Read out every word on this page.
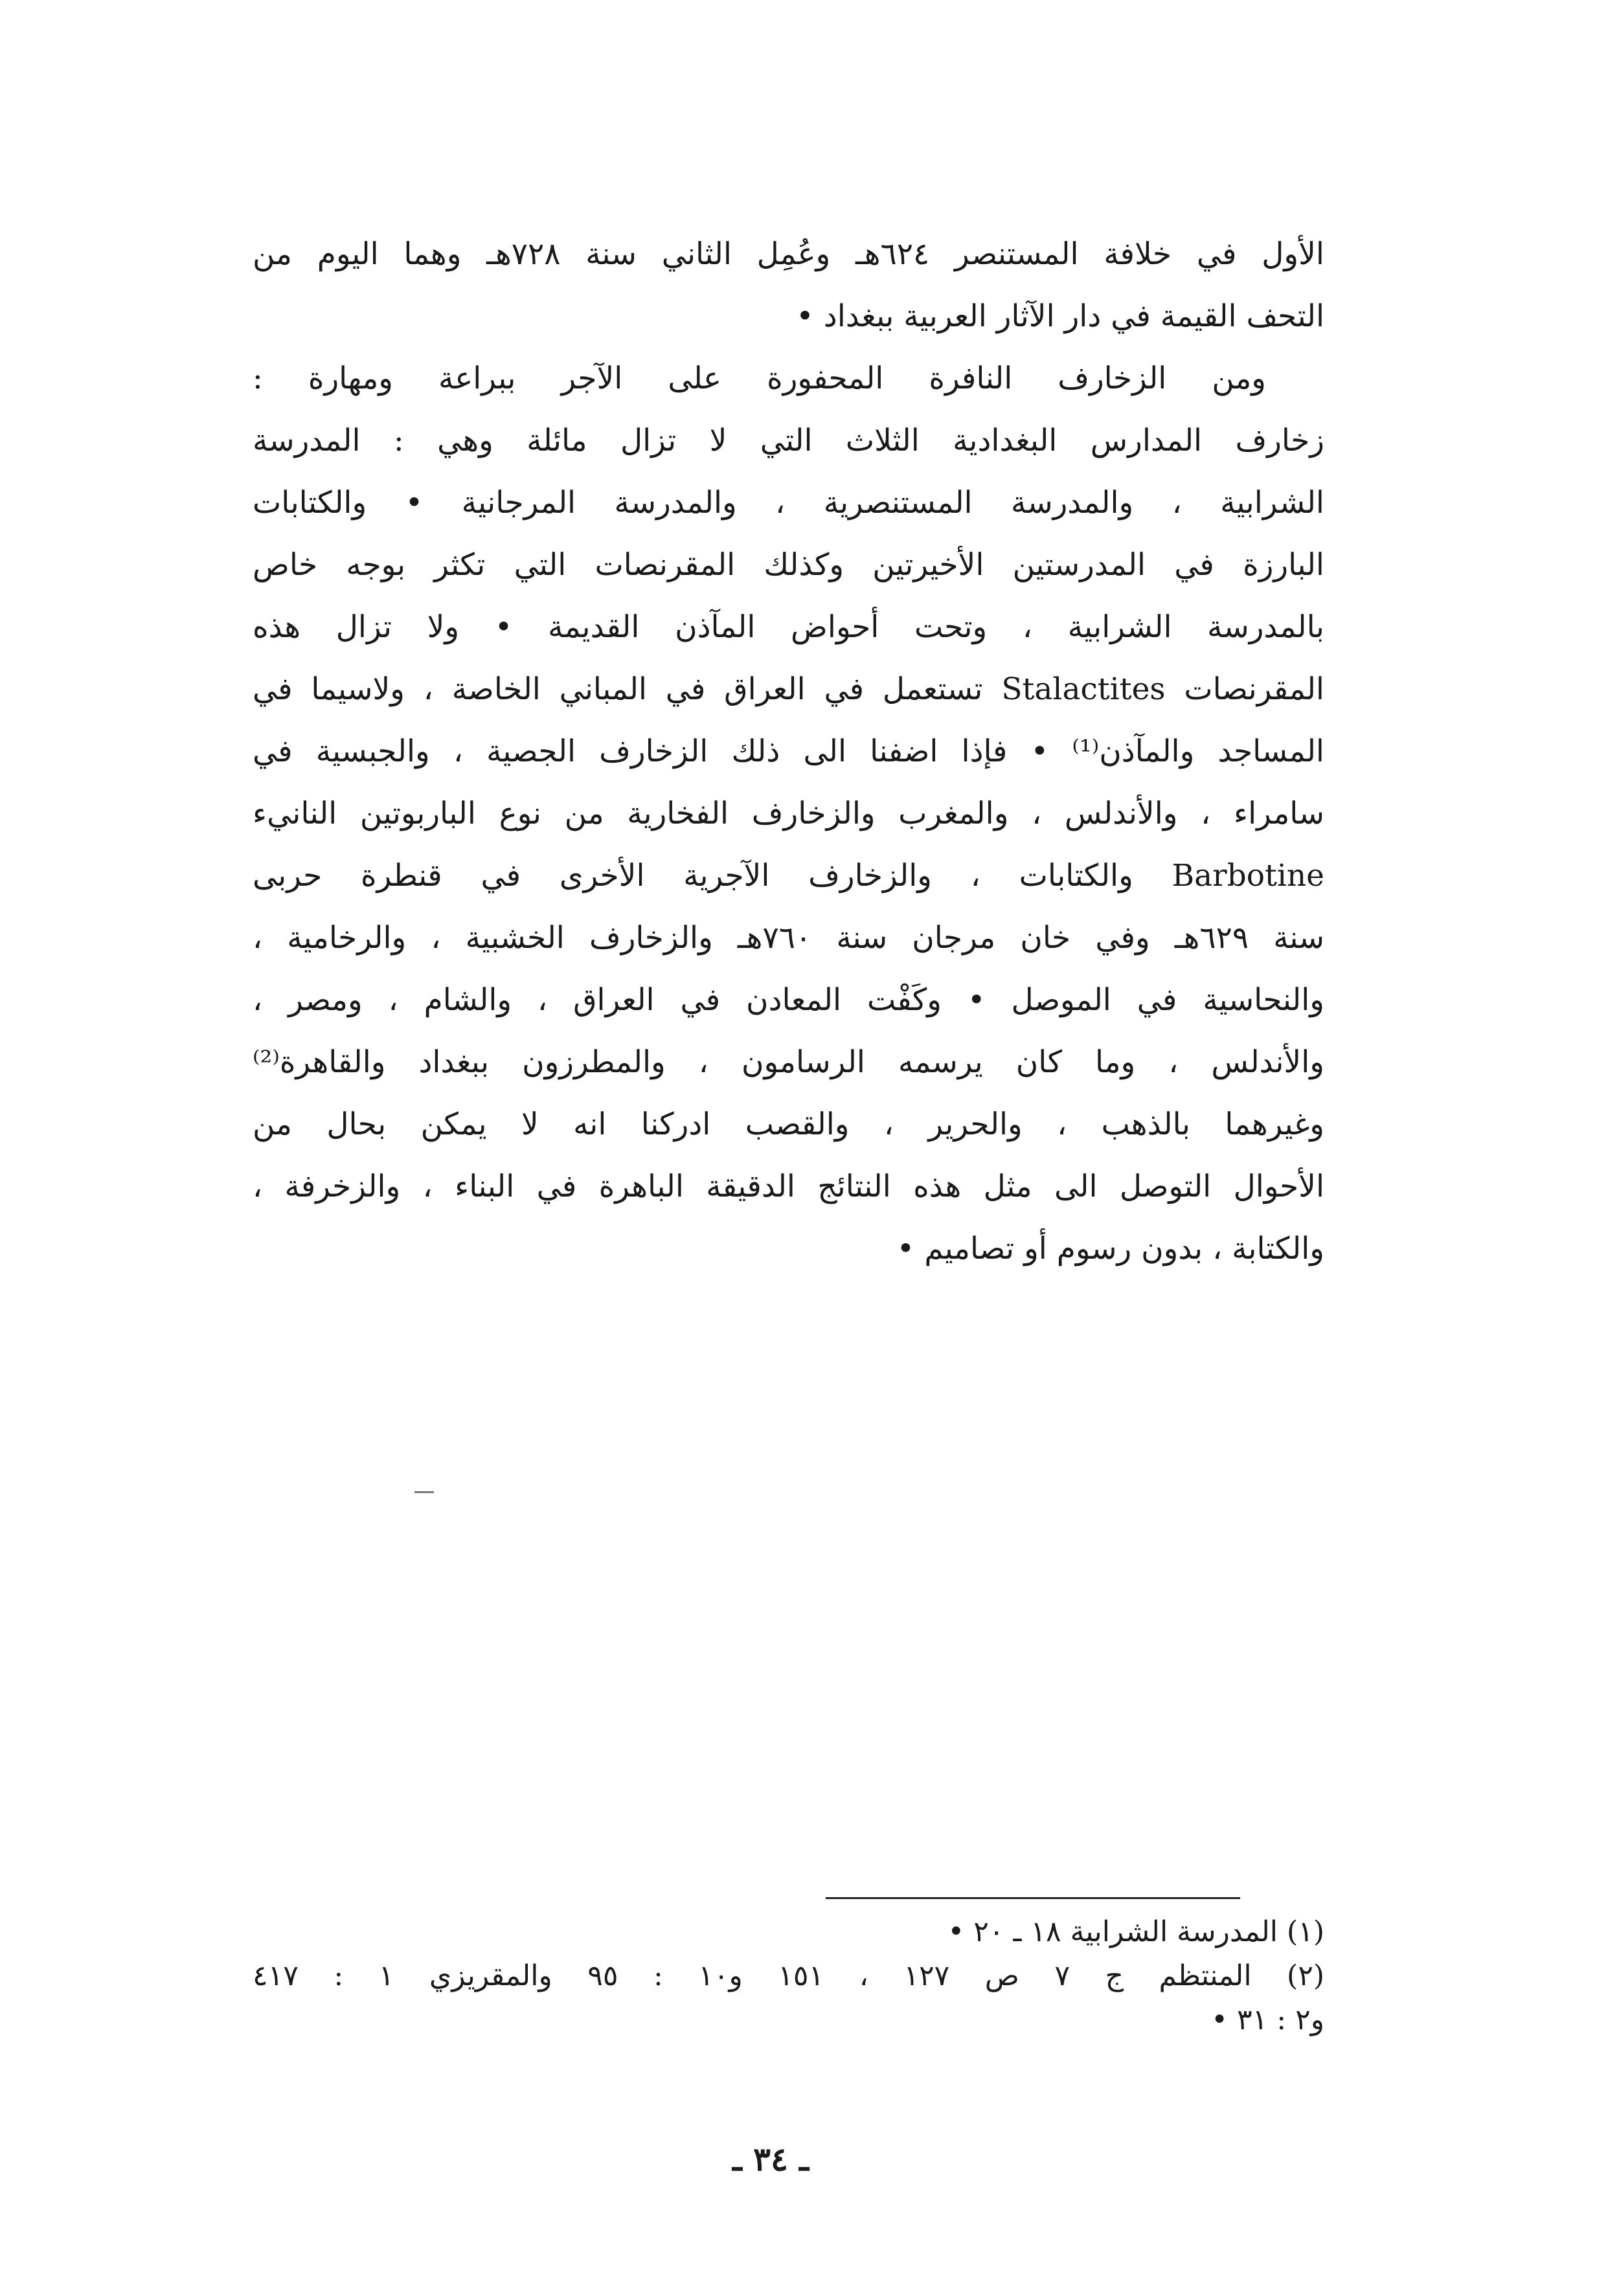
الأول في خلافة المستنصر ٦٢٤هـ وعُمِل الثاني سنة ٧٢٨هـ وهما اليوم من
التحف القيمة في دار الآثار العربية ببغداد •
ومن الزخارف النافرة المحفورة على الآجر ببراعة ومهارة :
زخارف المدارس البغدادية الثلاث التي لا تزال مائلة وهي : المدرسة
الشرابية ، والمدرسة المستنصرية ، والمدرسة المرجانية • والكتابات
البارزة في المدرستين الأخيرتين وكذلك المقرنصات التي تكثر بوجه خاص
بالمدرسة الشرابية ، وتحت أحواض المآذن القديمة • ولا تزال هذه
المقرنصات Stalactites تستعمل في العراق في المباني الخاصة ، ولاسيما في
المساجد والمآذن⁽¹⁾ • فإذا اضفنا الى ذلك الزخارف الجصية ، والجبسية في
سامراء ، والأندلس ، والمغرب والزخارف الفخارية من نوع الباربوتين النانيء
Barbotine والكتابات ، والزخارف الآجرية الأخرى في قنطرة حربى
سنة ٦٢٩هـ وفي خان مرجان سنة ٧٦٠هـ والزخارف الخشبية ، والرخامية ،
والنحاسية في الموصل • وكَفْت المعادن في العراق ، والشام ، ومصر ،
والأندلس ، وما كان يرسمه الرسامون ، والمطرزون ببغداد والقاهرة⁽²⁾
وغيرهما بالذهب ، والحرير ، والقصب ادركنا انه لا يمكن بحال من
الأحوال التوصل الى مثل هذه النتائج الدقيقة الباهرة في البناء ، والزخرفة ،
والكتابة ، بدون رسوم أو تصاميم •
(١) المدرسة الشرابية ١٨ ـ ٢٠ •
(٢) المنتظم ج ٧ ص ١٢٧ ، ١٥١ و١٠ : ٩٥ والمقريزي ١ : ٤١٧
و٢ : ٣١ •
ـ ٣٤ ـ
